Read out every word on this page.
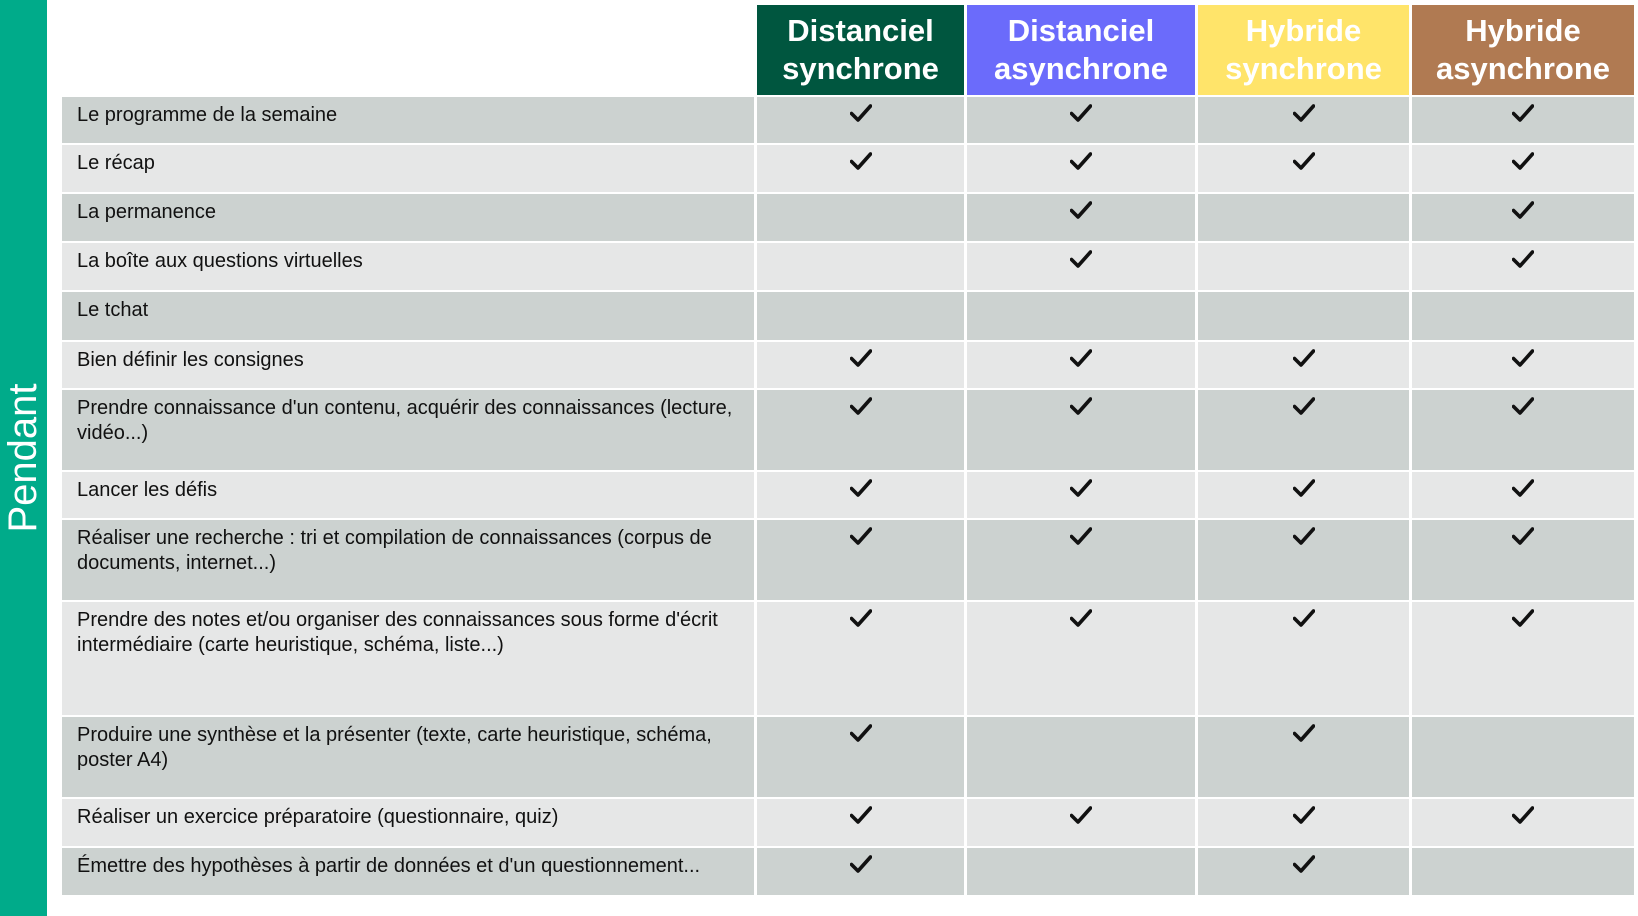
Pendant
Distanciel
synchrone
Distanciel
asynchrone
Hybride
synchrone
Hybride
asynchrone
Le programme de la semaine
Le récap
La permanence
La boîte aux questions virtuelles
Le tchat
Bien définir les consignes
Prendre connaissance d'un contenu, acquérir des connaissances (lecture, vidéo...)
Lancer les défis
Réaliser une recherche : tri et compilation de connaissances (corpus de documents, internet...)
Prendre des notes et/ou organiser des connaissances sous forme d'écrit intermédiaire (carte heuristique, schéma, liste...)
Produire une synthèse et la présenter (texte, carte heuristique, schéma, poster A4)
Réaliser un exercice préparatoire (questionnaire, quiz)
Émettre des hypothèses à partir de données et d'un questionnement...
